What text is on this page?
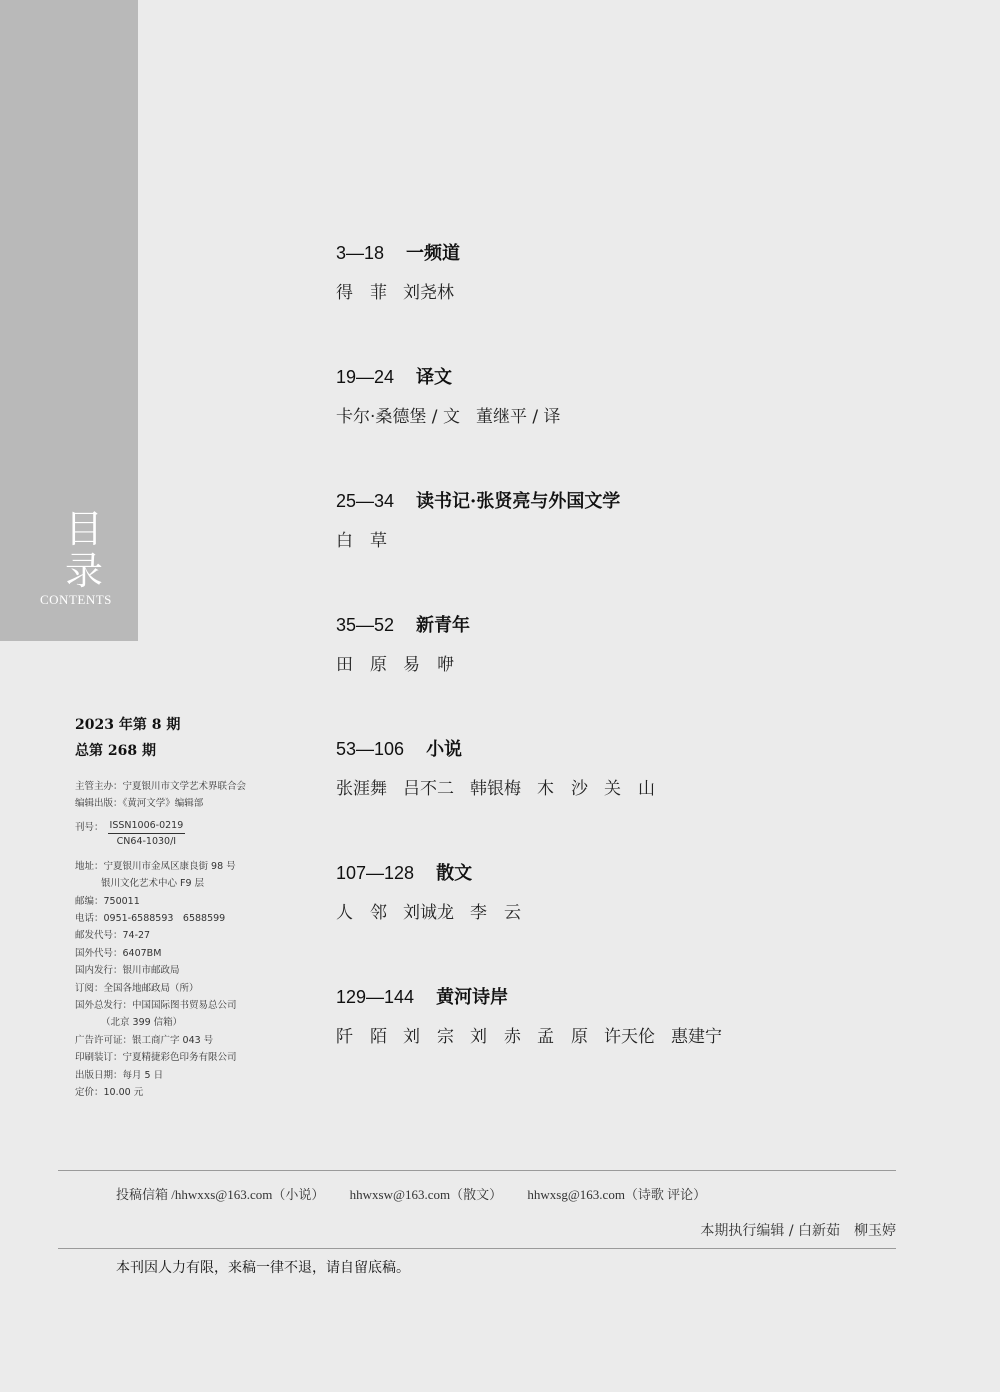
目录
CONTENTS
3—18 一频道
得　菲 刘尧林
19—24 译文
卡尔·桑德堡 / 文 董继平 / 译
25—34 读书记·张贤亮与外国文学
白　草
35—52 新青年
田　原 易　咿
53—106 小说
张涯舞 吕不二 韩银梅 木　沙 关　山
107—128 散文
人　邻 刘诚龙 李　云
129—144 黄河诗岸
阡　陌 刘　宗 刘　赤 孟　原 许天伦 惠建宁
2023 年第 8 期
总第 268 期
主管主办：宁夏银川市文学艺术界联合会
编辑出版：《黄河文学》编辑部
刊号： ISSN1006-0219
CN64-1030/I
地址：宁夏银川市金凤区康良街 98 号
银川文化艺术中心 F9 层
邮编：750011
电话：0951-6588593　6588599
邮发代号：74-27
国外代号：6407BM
国内发行：银川市邮政局
订阅：全国各地邮政局（所）
国外总发行：中国国际图书贸易总公司
（北京 399 信箱）
广告许可证：银工商广字 043 号
印刷装订：宁夏精捷彩色印务有限公司
出版日期：每月 5 日
定价：10.00 元
投稿信箱 /hhwxxs@163.com（小说） hhwxsw@163.com（散文） hhwxsg@163.com（诗歌 评论）
本期执行编辑 / 白新茹　柳玉婷
本刊因人力有限，来稿一律不退，请自留底稿。
